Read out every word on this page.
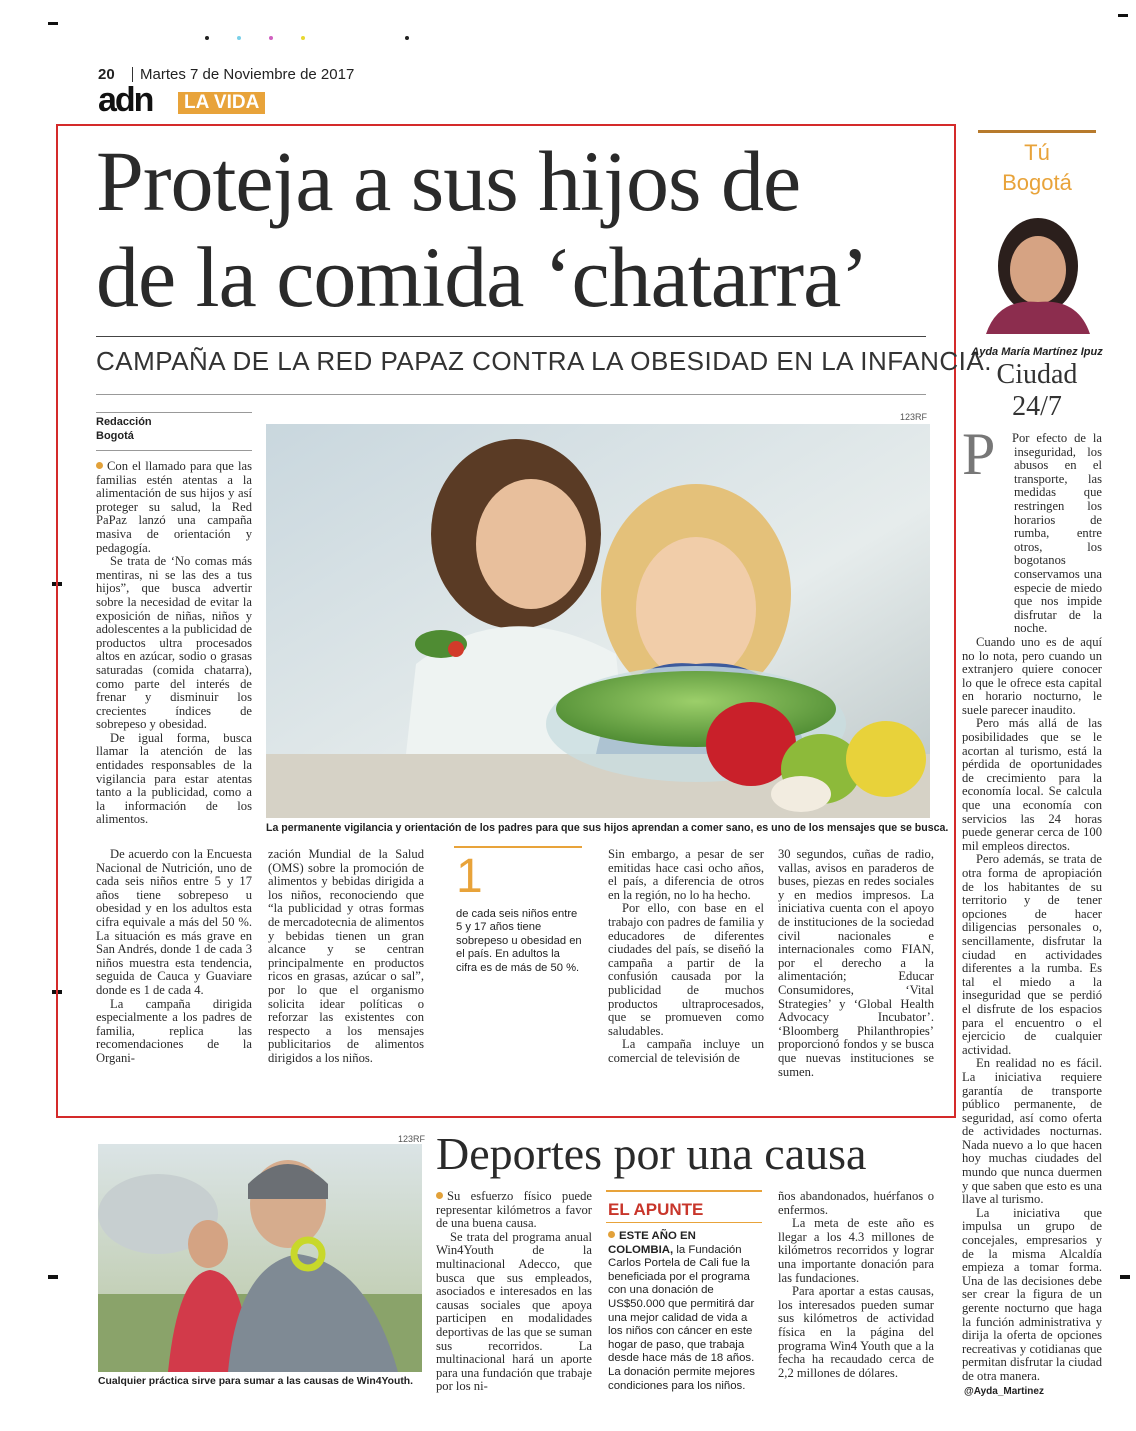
20 Martes 7 de Noviembre de 2017
adn	LA VIDA
Proteja a sus hijos de
de la comida ‘chatarra’
CAMPAÑA DE LA RED PAPAZ CONTRA LA OBESIDAD EN LA INFANCIA.
Redacción
Bogotá

Con el llamado para que las familias estén atentas a la alimentación de sus hijos y así proteger su salud, la Red PaPaz lanzó una campaña masiva de orientación y pedagogía.

Se trata de ‘No comas más mentiras, ni se las des a tus hijos”, que busca advertir sobre la necesidad de evitar la exposición de niñas, niños y adolescentes a la publicidad de productos ultra procesados altos en azúcar, sodio o grasas saturadas (comida chatarra), como parte del interés de frenar y disminuir los crecientes índices de sobrepeso y obesidad.

De igual forma, busca llamar la atención de las entidades responsables de la vigilancia para estar atentas tanto a la publicidad, como a la información de los alimentos.

123RF
La permanente vigilancia y orientación de los padres para que sus hijos aprendan a comer sano, es uno de los mensajes que se busca.

De acuerdo con la Encuesta Nacional de Nutrición, uno de cada seis niños entre 5 y 17 años tiene sobrepeso u obesidad y en los adultos esta cifra equivale a más del 50 %. La situación es más grave en San Andrés, donde 1 de cada 3 niños muestra esta tendencia, seguida de Cauca y Guaviare donde es 1 de cada 4.

La campaña dirigida especialmente a los padres de familia, replica las recomendaciones de la Organi-

zación Mundial de la Salud (OMS) sobre la promoción de alimentos y bebidas dirigida a los niños, reconociendo que “la publicidad y otras formas de mercadotecnia de alimentos y bebidas tienen un gran alcance y se centran principalmente en productos ricos en grasas, azúcar o sal”, por lo que el organismo solicita idear políticas o reforzar las existentes con respecto a los mensajes publicitarios de alimentos dirigidos a los niños.

1
de cada seis niños entre 5 y 17 años tiene sobrepeso u obesidad en el país. En adultos la cifra es de más de 50 %.

Sin embargo, a pesar de ser emitidas hace casi ocho años, el país, a diferencia de otros en la región, no lo ha hecho.

Por ello, con base en el trabajo con padres de familia y educadores de diferentes ciudades del país, se diseñó la campaña a partir de la confusión causada por la publicidad de muchos productos ultraprocesados, que se promueven como saludables.

La campaña incluye un comercial de televisión de

30 segundos, cuñas de radio, vallas, avisos en paraderos de buses, piezas en redes sociales y en medios impresos. La iniciativa cuenta con el apoyo de instituciones de la sociedad civil nacionales e internacionales como FIAN, por el derecho a la alimentación; Educar Consumidores, ‘Vital Strategies’ y ‘Global Health Advocacy Incubator’. ‘Bloomberg Philanthropies’ proporcionó fondos y se busca que nuevas instituciones se sumen.

Tú
Bogotá
Ayda María Martínez Ipuz
Ciudad
24/7
P	Por efecto de la inseguridad, los abusos en el transporte, las medidas que restringen los horarios de rumba, entre otros, los bogotanos conservamos una especie de miedo que nos impide disfrutar de la noche.

Cuando uno es de aquí no lo nota, pero cuando un extranjero quiere conocer lo que le ofrece esta capital en horario nocturno, le suele parecer inaudito.

Pero más allá de las posibilidades que se le acortan al turismo, está la pérdida de oportunidades de crecimiento para la economía local. Se calcula que una economía con servicios las 24 horas puede generar cerca de 100 mil empleos directos.

Pero además, se trata de otra forma de apropiación de los habitantes de su territorio y de tener opciones de hacer diligencias personales o, sencillamente, disfrutar la ciudad en actividades diferentes a la rumba. Es tal el miedo a la inseguridad que se perdió el disfrute de los espacios para el encuentro o el ejercicio de cualquier actividad.

En realidad no es fácil. La iniciativa requiere garantía de transporte público permanente, de seguridad, así como oferta de actividades nocturnas. Nada nuevo a lo que hacen hoy muchas ciudades del mundo que nunca duermen y que saben que esto es una llave al turismo.

La iniciativa que impulsa un grupo de concejales, empresarios y de la misma Alcaldía empieza a tomar forma. Una de las decisiones debe ser crear la figura de un gerente nocturno que haga la función administrativa y dirija la oferta de opciones recreativas y cotidianas que permitan disfrutar la ciudad de otra manera.

@Ayda_Martinez
123RF
Cualquier práctica sirve para sumar a las causas de Win4Youth.
Deportes por una causa

Su esfuerzo físico puede representar kilómetros a favor de una buena causa.

Se trata del programa anual Win4Youth de la multinacional Adecco, que busca que sus empleados, asociados e interesados en las causas sociales que apoya participen en modalidades deportivas de las que se suman sus recorridos. La multinacional hará un aporte para una fundación que trabaje por los ni-

EL APUNTE
ESTE AÑO EN COLOMBIA, la Fundación Carlos Portela de Cali fue la beneficiada por el programa con una donación de US$50.000 que permitirá dar una mejor calidad de vida a los niños con cáncer en este hogar de paso, que trabaja desde hace más de 18 años. La donación permite mejores condiciones para los niños.

ños abandonados, huérfanos o enfermos.

La meta de este año es llegar a los 4.3 millones de kilómetros recorridos y lograr una importante donación para las fundaciones.

Para aportar a estas causas, los interesados pueden sumar sus kilómetros de actividad física en la página del programa Win4 Youth que a la fecha ha recaudado cerca de 2,2 millones de dólares.
